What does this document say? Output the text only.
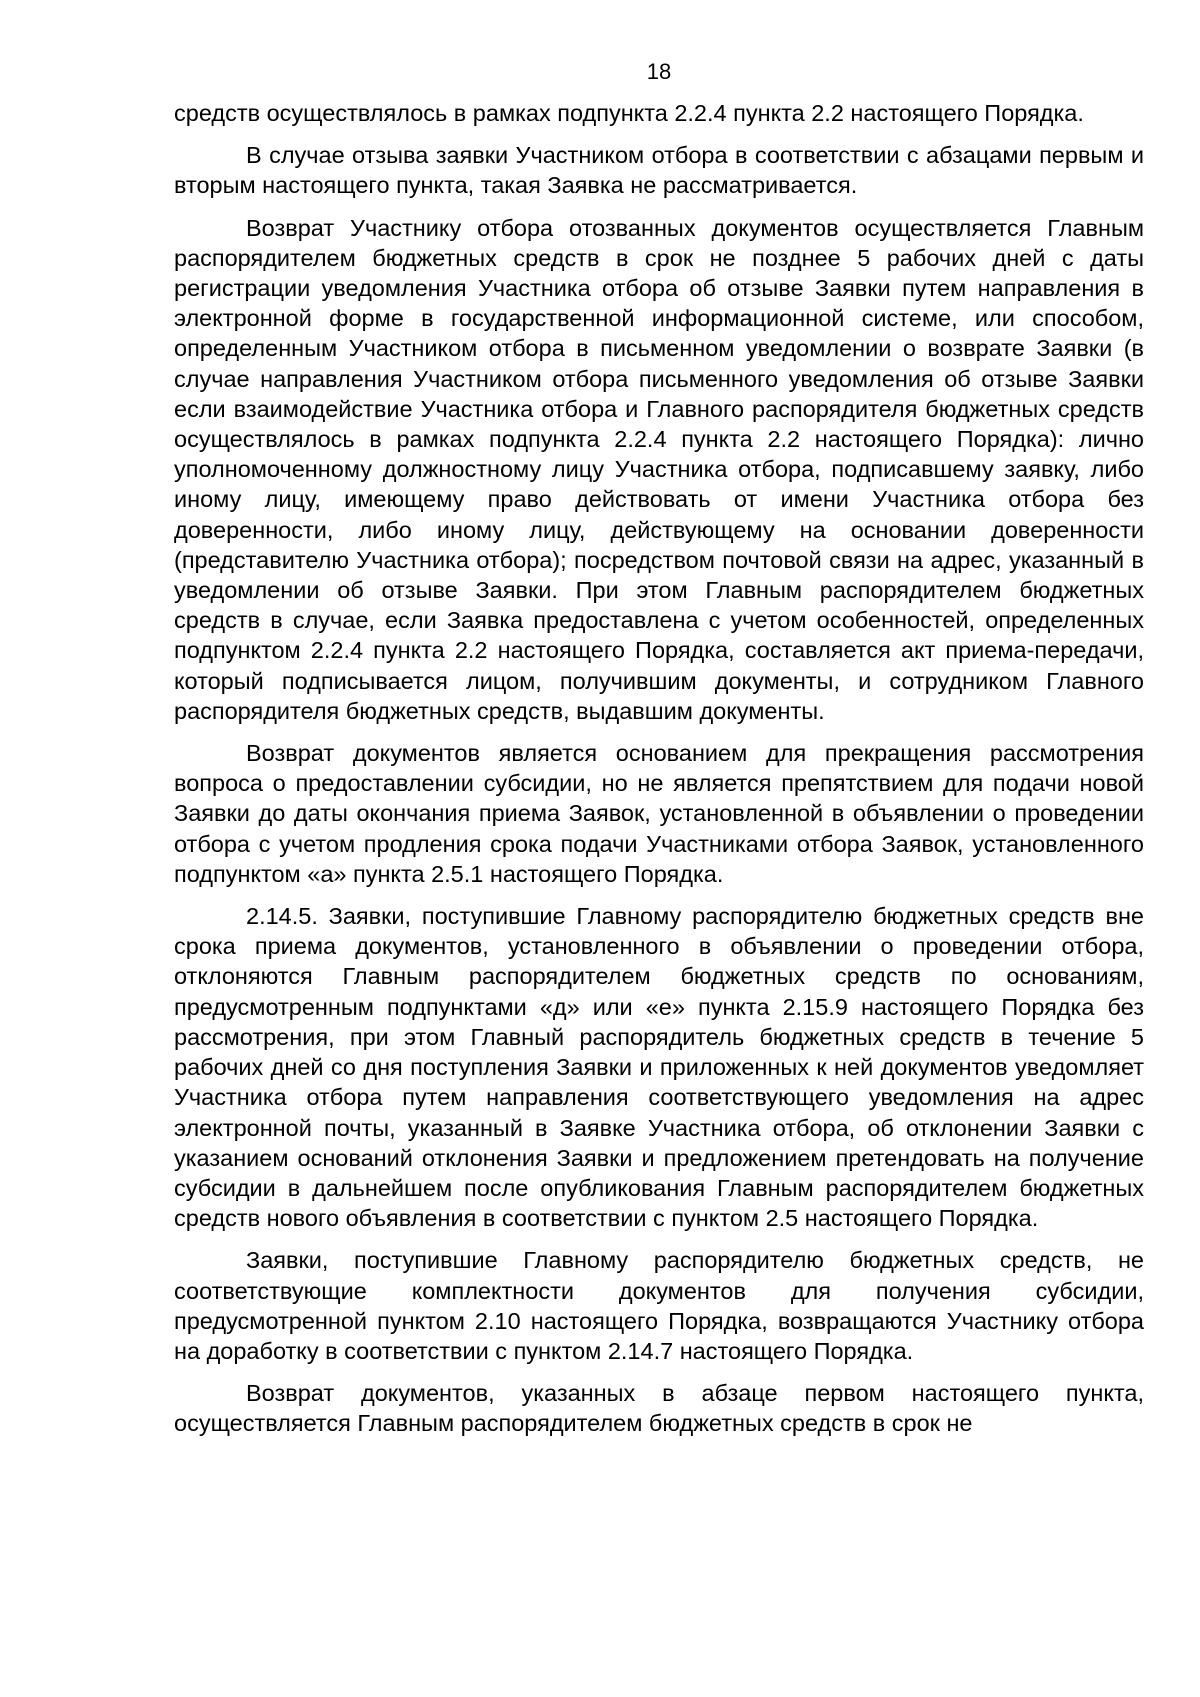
18

средств осуществлялось в рамках подпункта 2.2.4 пункта 2.2 настоящего Порядка.

В случае отзыва заявки Участником отбора в соответствии с абзацами первым и вторым настоящего пункта, такая Заявка не рассматривается.

Возврат Участнику отбора отозванных документов осуществляется Главным распорядителем бюджетных средств в срок не позднее 5 рабочих дней с даты регистрации уведомления Участника отбора об отзыве Заявки путем направления в электронной форме в государственной информационной системе, или способом, определенным Участником отбора в письменном уведомлении о возврате Заявки (в случае направления Участником отбора письменного уведомления об отзыве Заявки если взаимодействие Участника отбора и Главного распорядителя бюджетных средств осуществлялось в рамках подпункта 2.2.4 пункта 2.2 настоящего Порядка): лично уполномоченному должностному лицу Участника отбора, подписавшему заявку, либо иному лицу, имеющему право действовать от имени Участника отбора без доверенности, либо иному лицу, действующему на основании доверенности (представителю Участника отбора); посредством почтовой связи на адрес, указанный в уведомлении об отзыве Заявки. При этом Главным распорядителем бюджетных средств в случае, если Заявка предоставлена с учетом особенностей, определенных подпунктом 2.2.4 пункта 2.2 настоящего Порядка, составляется акт приема-передачи, который подписывается лицом, получившим документы, и сотрудником Главного распорядителя бюджетных средств, выдавшим документы.

Возврат документов является основанием для прекращения рассмотрения вопроса о предоставлении субсидии, но не является препятствием для подачи новой Заявки до даты окончания приема Заявок, установленной в объявлении о проведении отбора с учетом продления срока подачи Участниками отбора Заявок, установленного подпунктом «а» пункта 2.5.1 настоящего Порядка.

2.14.5. Заявки, поступившие Главному распорядителю бюджетных средств вне срока приема документов, установленного в объявлении о проведении отбора, отклоняются Главным распорядителем бюджетных средств по основаниям, предусмотренным подпунктами «д» или «е» пункта 2.15.9 настоящего Порядка без рассмотрения, при этом Главный распорядитель бюджетных средств в течение 5 рабочих дней со дня поступления Заявки и приложенных к ней документов уведомляет Участника отбора путем направления соответствующего уведомления на адрес электронной почты, указанный в Заявке Участника отбора, об отклонении Заявки с указанием оснований отклонения Заявки и предложением претендовать на получение субсидии в дальнейшем после опубликования Главным распорядителем бюджетных средств нового объявления в соответствии с пунктом 2.5 настоящего Порядка.

Заявки, поступившие Главному распорядителю бюджетных средств, не соответствующие комплектности документов для получения субсидии, предусмотренной пунктом 2.10 настоящего Порядка, возвращаются Участнику отбора на доработку в соответствии с пунктом 2.14.7 настоящего Порядка.

Возврат документов, указанных в абзаце первом настоящего пункта, осуществляется Главным распорядителем бюджетных средств в срок не
